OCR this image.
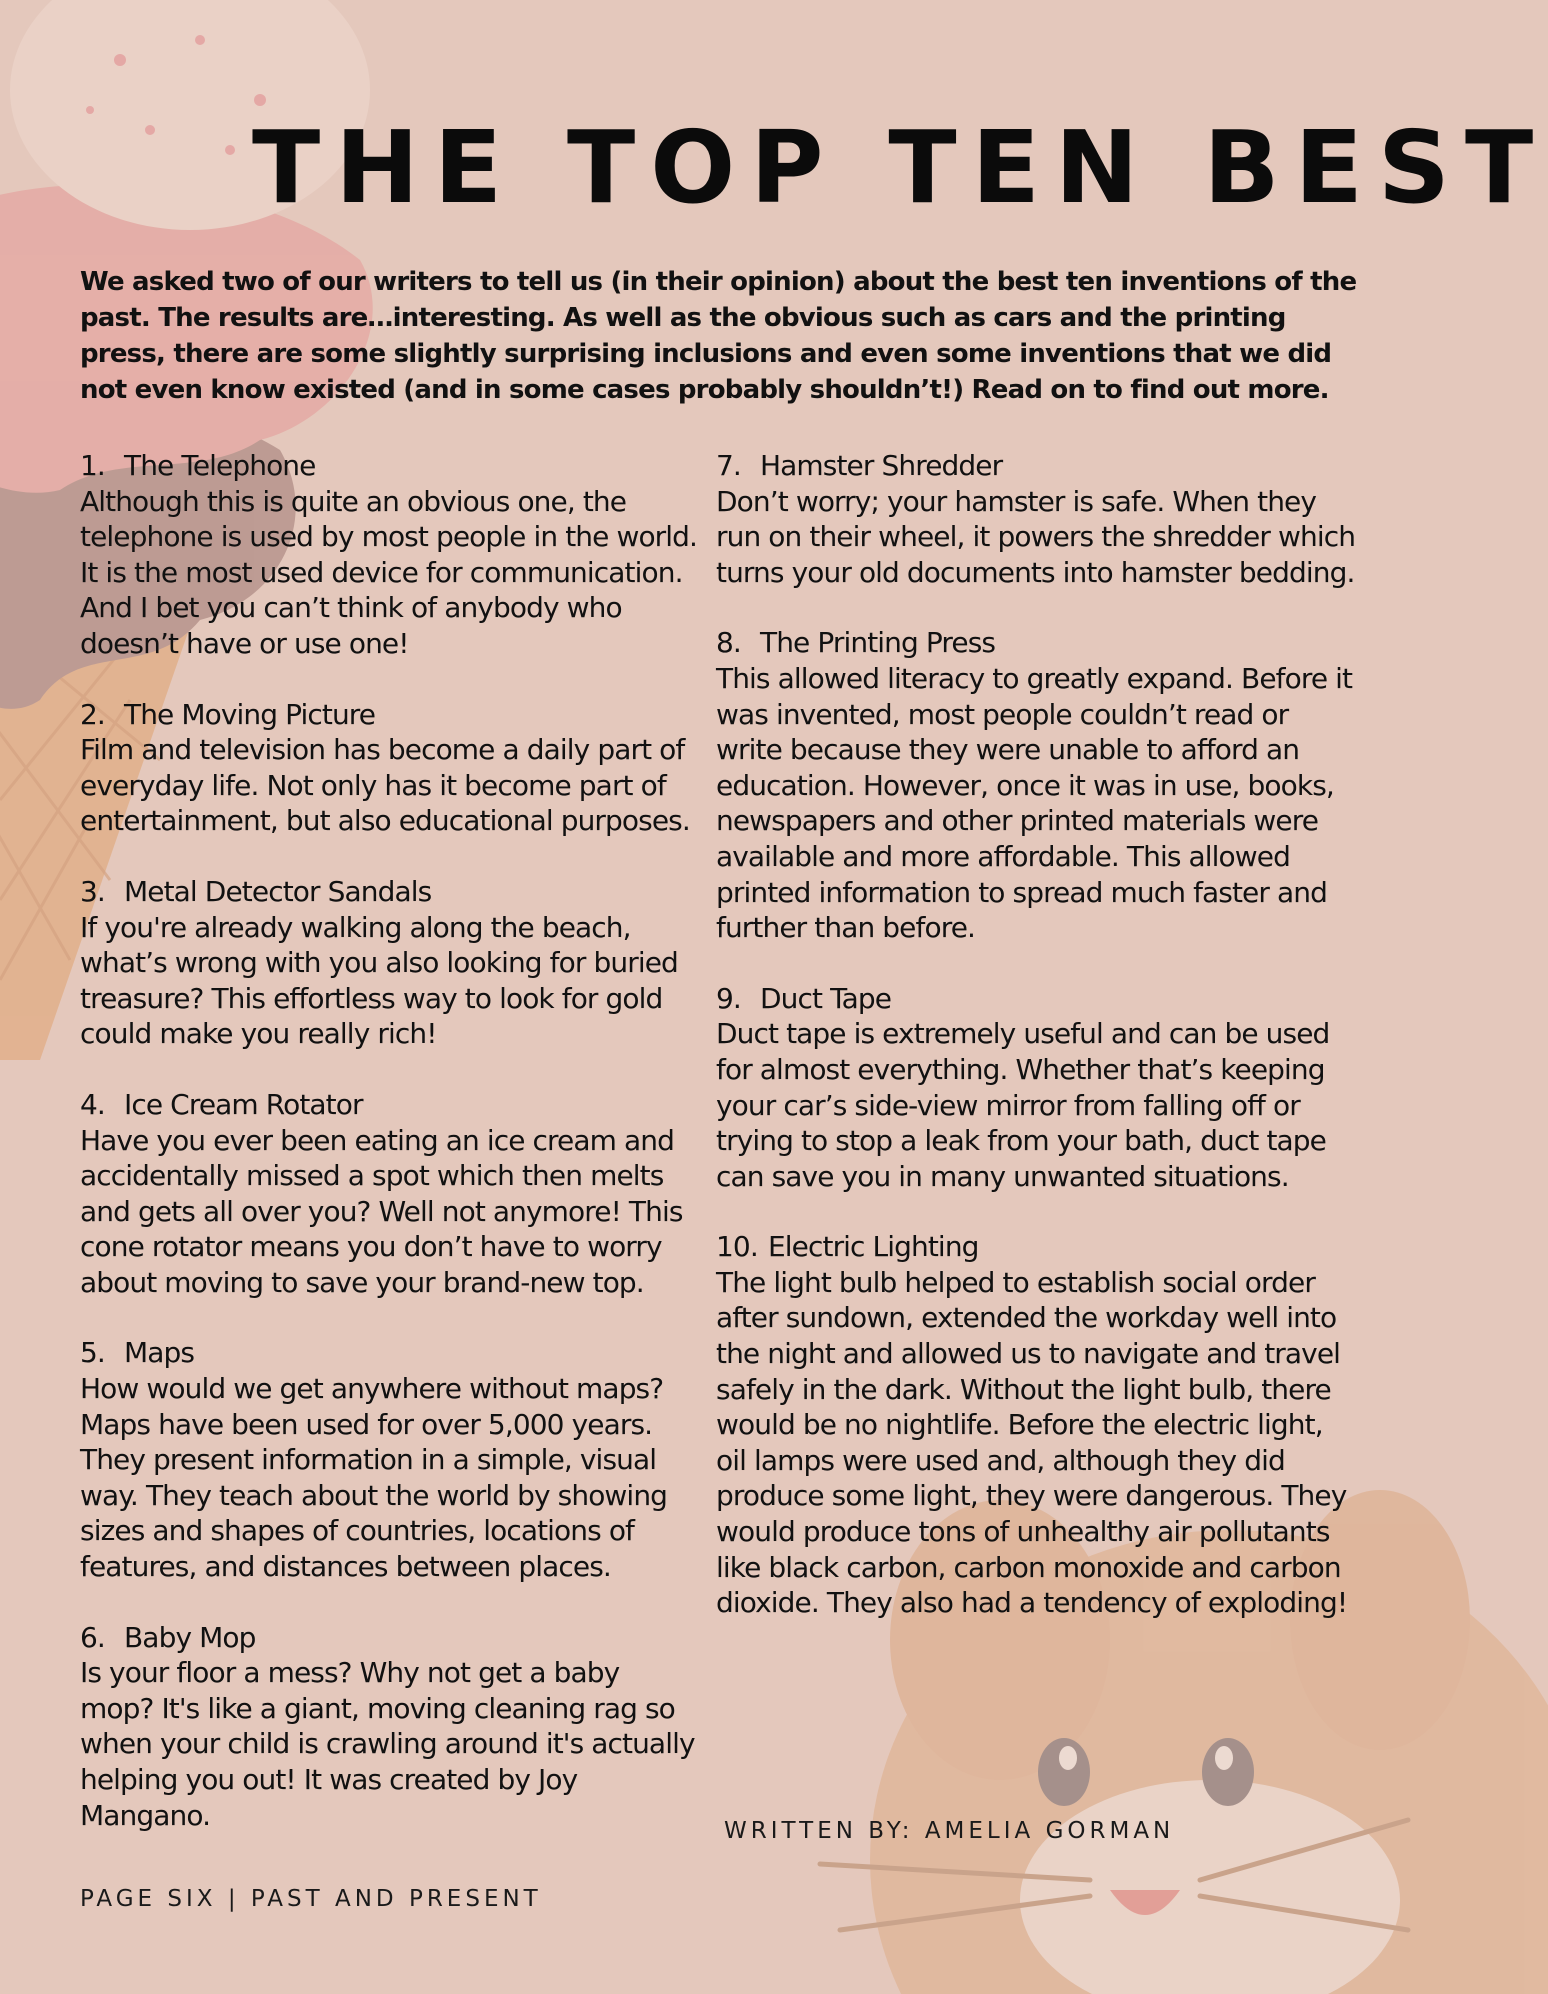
THE TOP TEN BEST

We asked two of our writers to tell us (in their opinion) about the best ten inventions of the past. The results are…interesting. As well as the obvious such as cars and the printing press, there are some slightly surprising inclusions and even some inventions that we did not even know existed (and in some cases probably shouldn’t!) Read on to find out more.

1. The Telephone

Although this is quite an obvious one, the telephone is used by most people in the world. It is the most used device for communication. And I bet you can’t think of anybody who doesn’t have or use one!

2. The Moving Picture

Film and television has become a daily part of everyday life. Not only has it become part of entertainment, but also educational purposes.

3. Metal Detector Sandals

If you're already walking along the beach, what’s wrong with you also looking for buried treasure? This effortless way to look for gold could make you really rich!

4. Ice Cream Rotator

Have you ever been eating an ice cream and accidentally missed a spot which then melts and gets all over you? Well not anymore! This cone rotator means you don’t have to worry about moving to save your brand-new top.

5. Maps

How would we get anywhere without maps? Maps have been used for over 5,000 years. They present information in a simple, visual way. They teach about the world by showing sizes and shapes of countries, locations of features, and distances between places.

6. Baby Mop

Is your floor a mess? Why not get a baby mop? It's like a giant, moving cleaning rag so when your child is crawling around it's actually helping you out! It was created by Joy Mangano.

7. Hamster Shredder

Don’t worry; your hamster is safe. When they run on their wheel, it powers the shredder which turns your old documents into hamster bedding.

8. The Printing Press

This allowed literacy to greatly expand. Before it was invented, most people couldn’t read or write because they were unable to afford an education. However, once it was in use, books, newspapers and other printed materials were available and more affordable. This allowed printed information to spread much faster and further than before.

9. Duct Tape

Duct tape is extremely useful and can be used for almost everything. Whether that’s keeping your car’s side-view mirror from falling off or trying to stop a leak from your bath, duct tape can save you in many unwanted situations.

10. Electric Lighting

The light bulb helped to establish social order after sundown, extended the workday well into the night and allowed us to navigate and travel safely in the dark. Without the light bulb, there would be no nightlife. Before the electric light, oil lamps were used and, although they did produce some light, they were dangerous. They would produce tons of unhealthy air pollutants like black carbon, carbon monoxide and carbon dioxide. They also had a tendency of exploding!

WRITTEN BY: AMELIA GORMAN

PAGE SIX | PAST AND PRESENT
